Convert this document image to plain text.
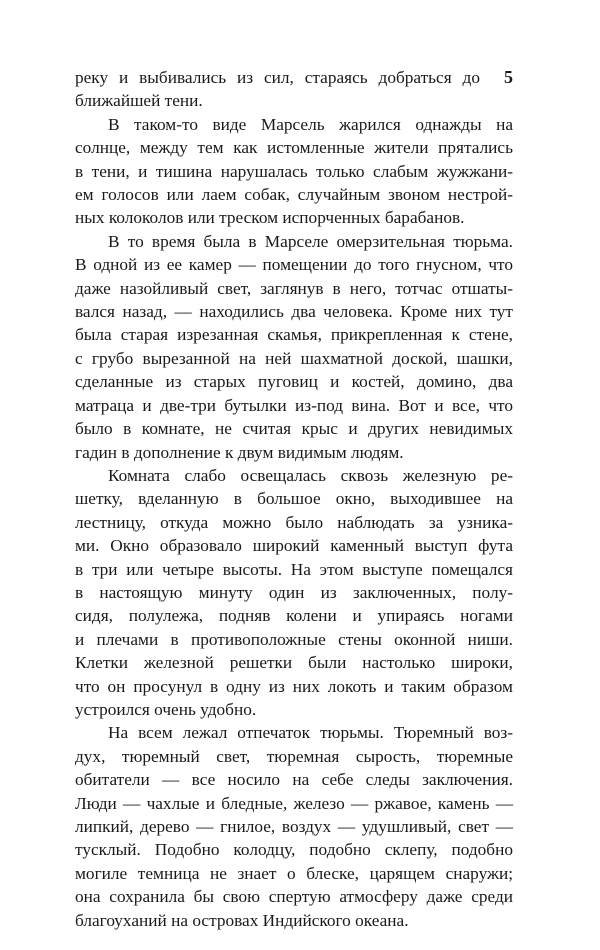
5

реку и выбивались из сил, стараясь добраться до
ближайшей тени.

В таком-то виде Марсель жарился однажды на
солнце, между тем как истомленные жители прятались
в тени, и тишина нарушалась только слабым жужжани-
ем голосов или лаем собак, случайным звоном нестрой-
ных колоколов или треском испорченных барабанов.

В то время была в Марселе омерзительная тюрьма.
В одной из ее камер — помещении до того гнусном, что
даже назойливый свет, заглянув в него, тотчас отшаты-
вался назад, — находились два человека. Кроме них тут
была старая изрезанная скамья, прикрепленная к стене,
с грубо вырезанной на ней шахматной доской, шашки,
сделанные из старых пуговиц и костей, домино, два
матраца и две-три бутылки из-под вина. Вот и все, что
было в комнате, не считая крыс и других невидимых
гадин в дополнение к двум видимым людям.

Комната слабо освещалась сквозь железную ре-
шетку, вделанную в большое окно, выходившее на
лестницу, откуда можно было наблюдать за узника-
ми. Окно образовало широкий каменный выступ фута
в три или четыре высоты. На этом выступе помещался
в настоящую минуту один из заключенных, полу-
сидя, полулежа, подняв колени и упираясь ногами
и плечами в противоположные стены оконной ниши.
Клетки железной решетки были настолько широки,
что он просунул в одну из них локоть и таким образом
устроился очень удобно.

На всем лежал отпечаток тюрьмы. Тюремный воз-
дух, тюремный свет, тюремная сырость, тюремные
обитатели — все носило на себе следы заключения.
Люди — чахлые и бледные, железо — ржавое, камень —
липкий, дерево — гнилое, воздух — удушливый, свет —
тусклый. Подобно колодцу, подобно склепу, подобно
могиле темница не знает о блеске, царящем снаружи;
она сохранила бы свою спертую атмосферу даже среди
благоуханий на островах Индийского океана.
